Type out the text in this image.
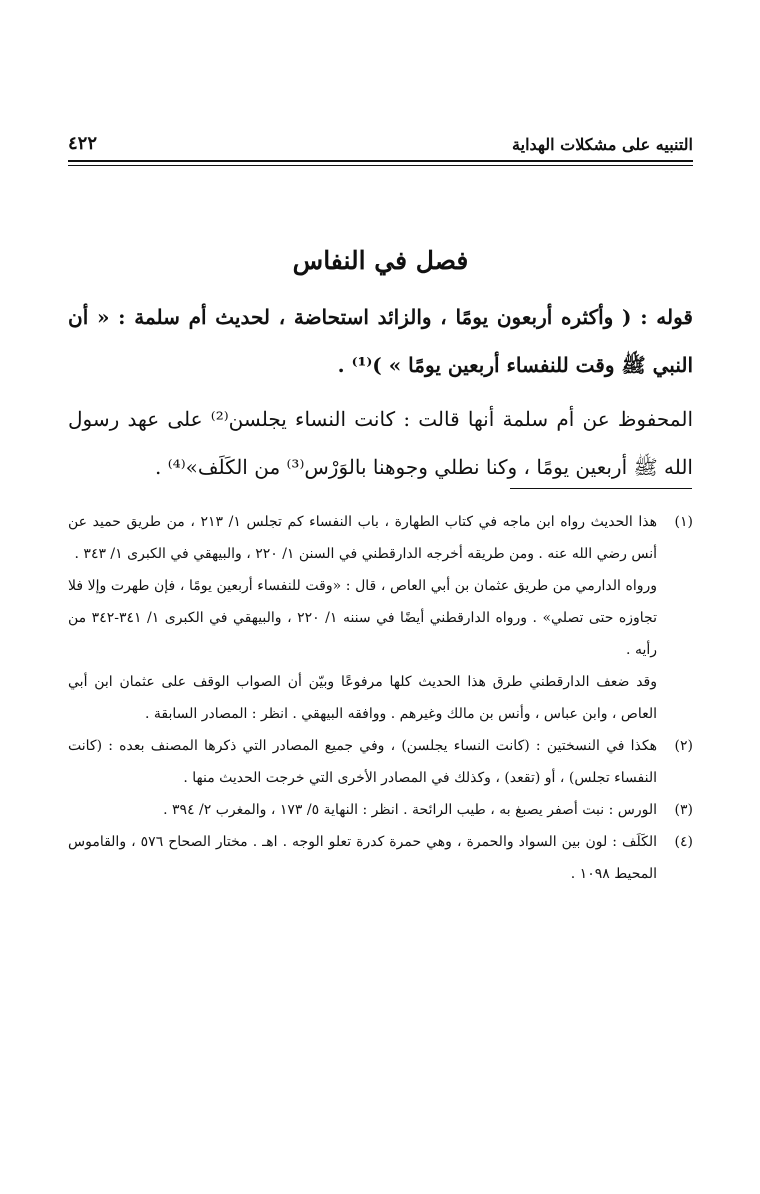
التنبيه على مشكلات الهداية
٤٢٢
فصل في النفاس

قوله : ( وأكثره أربعون يومًا ، والزائد استحاضة ، لحديث أم سلمة : « أن النبي ﷺ وقت للنفساء أربعين يومًا » )⁽¹⁾ .

المحفوظ عن أم سلمة أنها قالت : كانت النساء يجلسن⁽²⁾ على عهد رسول الله ﷺ أربعين يومًا ، وكنا نطلي وجوهنا بالوَرْس⁽³⁾ من الكَلَف»⁽⁴⁾ .

(١)

هذا الحديث رواه ابن ماجه في كتاب الطهارة ، باب النفساء كم تجلس ١/ ٢١٣ ، من طريق حميد عن أنس رضي الله عنه . ومن طريقه أخرجه الدارقطني في السنن ١/ ٢٢٠ ، والبيهقي في الكبرى ١/ ٣٤٣ .

ورواه الدارمي من طريق عثمان بن أبي العاص ، قال : «وقت للنفساء أربعين يومًا ، فإن طهرت وإلا فلا تجاوزه حتى تصلي» . ورواه الدارقطني أيضًا في سننه ١/ ٢٢٠ ، والبيهقي في الكبرى ١/ ٣٤١-٣٤٢ من رأيه .

وقد ضعف الدارقطني طرق هذا الحديث كلها مرفوعًا وبيّن أن الصواب الوقف على عثمان ابن أبي العاص ، وابن عباس ، وأنس بن مالك وغيرهم . ووافقه البيهقي . انظر : المصادر السابقة .

(٢)

هكذا في النسختين : (كانت النساء يجلسن) ، وفي جميع المصادر التي ذكرها المصنف بعده : (كانت النفساء تجلس) ، أو (تقعد) ، وكذلك في المصادر الأخرى التي خرجت الحديث منها .

(٣)

الورس : نبت أصفر يصبغ به ، طيب الرائحة . انظر : النهاية ٥/ ١٧٣ ، والمغرب ٢/ ٣٩٤ .

(٤)

الكَلَف : لون بين السواد والحمرة ، وهي حمرة كدرة تعلو الوجه . اهـ . مختار الصحاح ٥٧٦ ، والقاموس المحيط ١٠٩٨ .
